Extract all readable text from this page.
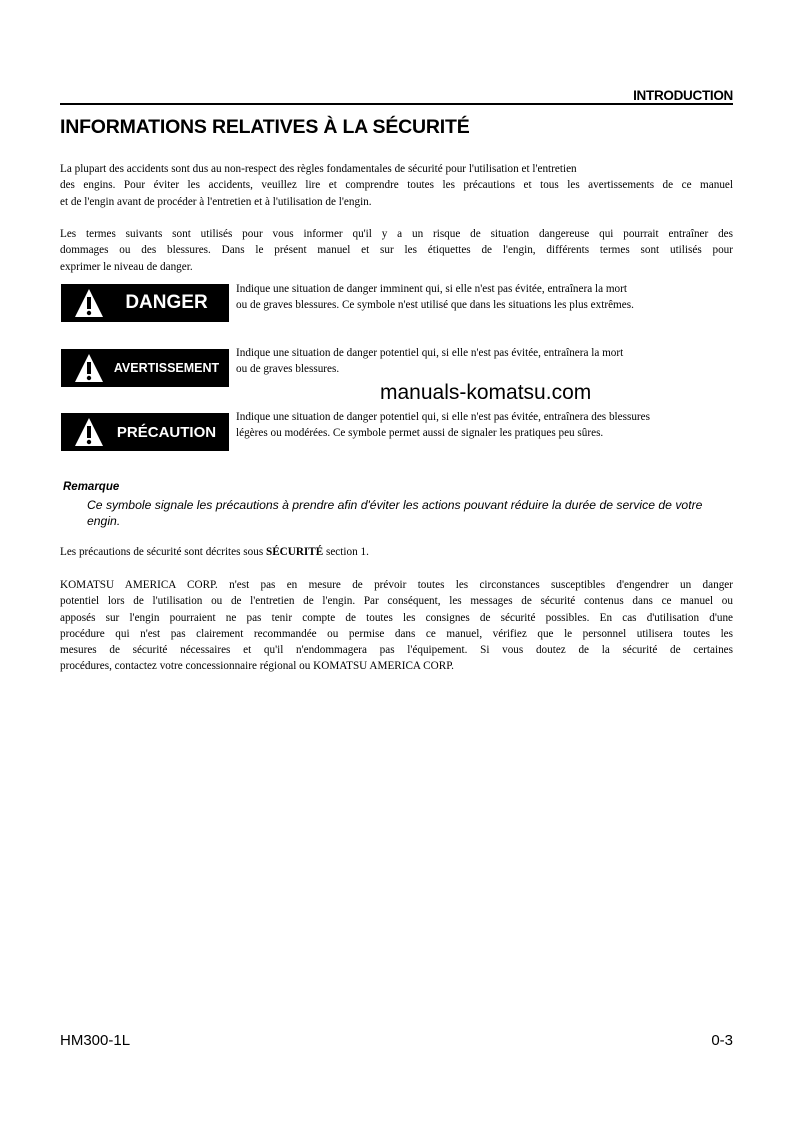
INTRODUCTION
INFORMATIONS RELATIVES À LA SÉCURITÉ
La plupart des accidents sont dus au non-respect des règles fondamentales de sécurité pour l'utilisation et l'entretien
des engins. Pour éviter les accidents, veuillez lire et comprendre toutes les précautions et tous les avertissements de ce manuel
et de l'engin avant de procéder à l'entretien et à l'utilisation de l'engin.
Les termes suivants sont utilisés pour vous informer qu'il y a un risque de situation dangereuse qui pourrait entraîner des
dommages ou des blessures. Dans le présent manuel et sur les étiquettes de l'engin, différents termes sont utilisés pour
exprimer le niveau de danger.
DANGER
Indique une situation de danger imminent qui, si elle n'est pas évitée, entraînera la mort
ou de graves blessures. Ce symbole n'est utilisé que dans les situations les plus extrêmes.
AVERTISSEMENT
Indique une situation de danger potentiel qui, si elle n'est pas évitée, entraînera la mort
ou de graves blessures.
PRÉCAUTION
Indique une situation de danger potentiel qui, si elle n'est pas évitée, entraînera des blessures
légères ou modérées. Ce symbole permet aussi de signaler les pratiques peu sûres.
manuals-komatsu.com
Remarque
Ce symbole signale les précautions à prendre afin d'éviter les actions pouvant réduire la durée de service de votre engin.
Les précautions de sécurité sont décrites sous SÉCURITÉ section 1.
KOMATSU AMERICA CORP. n'est pas en mesure de prévoir toutes les circonstances susceptibles d'engendrer un danger
potentiel lors de l'utilisation ou de l'entretien de l'engin. Par conséquent, les messages de sécurité contenus dans ce manuel ou
apposés sur l'engin pourraient ne pas tenir compte de toutes les consignes de sécurité possibles. En cas d'utilisation d'une
procédure qui n'est pas clairement recommandée ou permise dans ce manuel, vérifiez que le personnel utilisera toutes les
mesures de sécurité nécessaires et qu'il n'endommagera pas l'équipement. Si vous doutez de la sécurité de certaines
procédures, contactez votre concessionnaire régional ou KOMATSU AMERICA CORP.
HM300-1L	0-3
